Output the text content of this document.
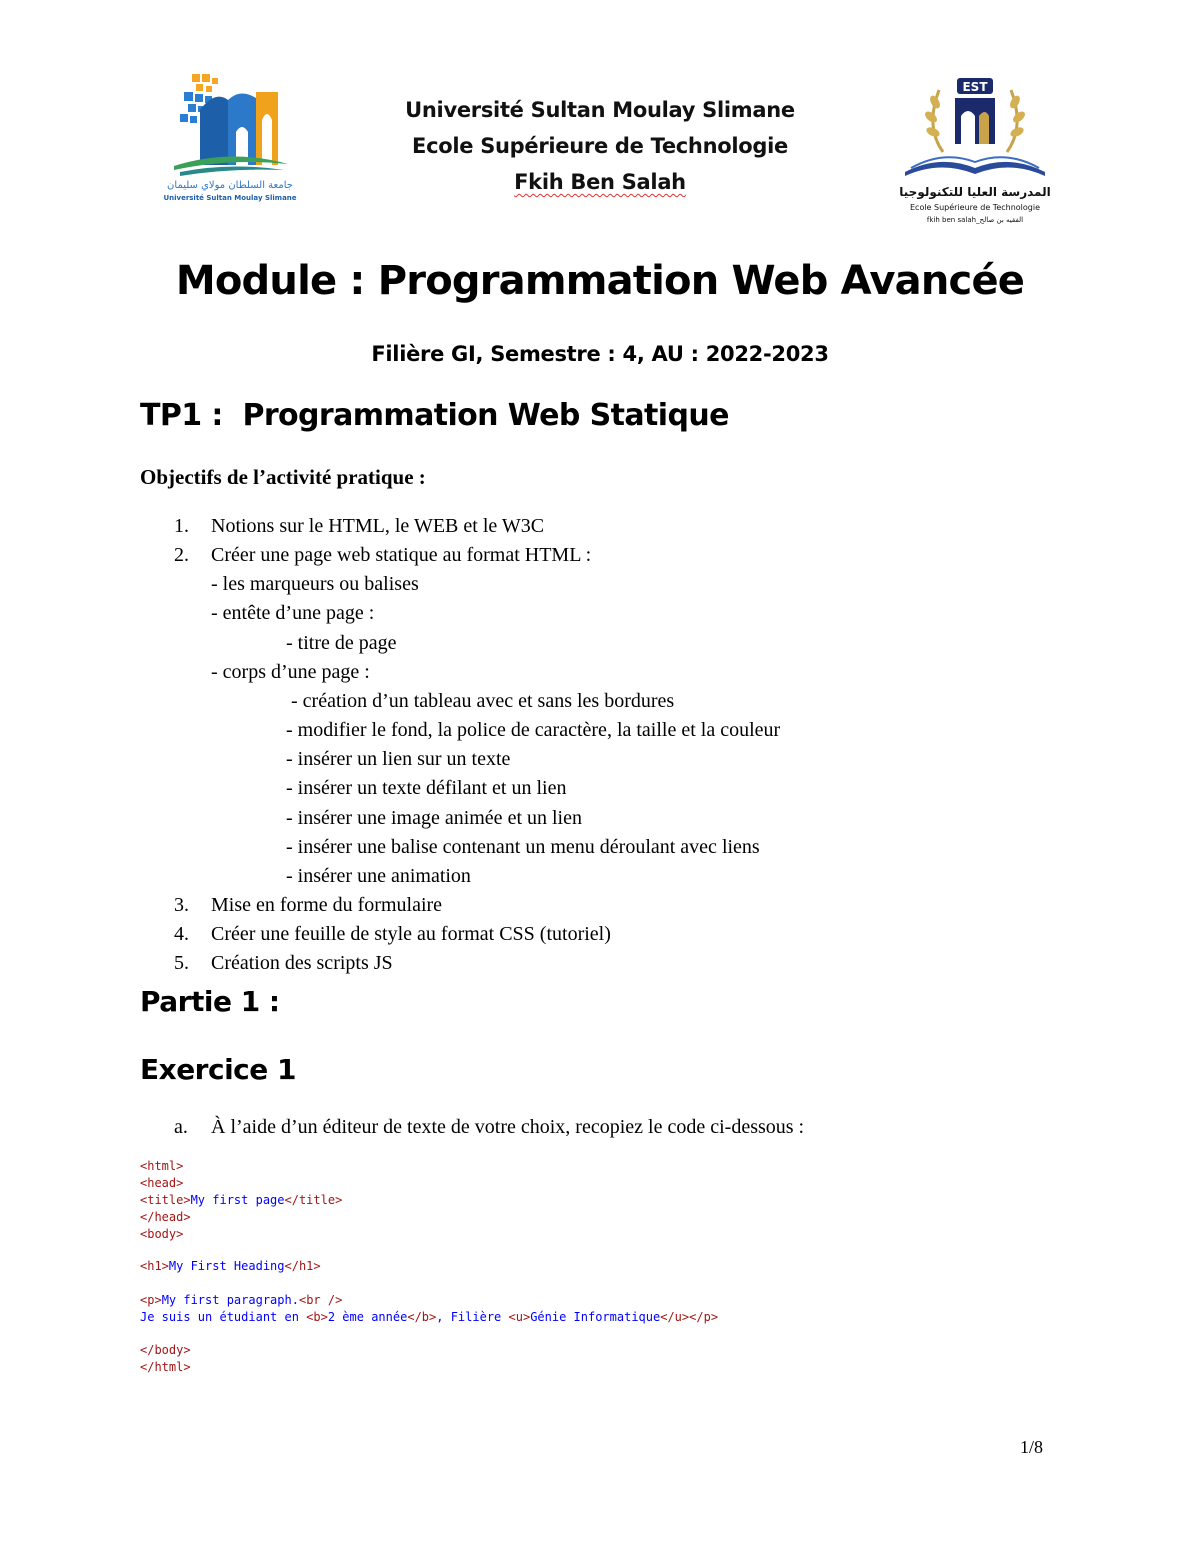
جامعة السلطان مولاي سليمان
Université Sultan Moulay Slimane
Université Sultan Moulay Slimane
Ecole Supérieure de Technologie
Fkih Ben Salah
EST
المدرسة العليا للتكنولوجيا
Ecole Supérieure de Technologie
fkih ben salah_الفقيه بن صالح
Module : Programmation Web Avancée
Filière GI, Semestre : 4, AU : 2022-2023
TP1 :  Programmation Web Statique
Objectifs de l’activité pratique :
1. Notions sur le HTML, le WEB et le W3C
2. Créer une page web statique au format HTML :
- les marqueurs ou balises
- entête d’une page :
- titre de page
- corps d’une page :
- création d’un tableau avec et sans les bordures
- modifier le fond, la police de caractère, la taille et la couleur
- insérer un lien sur un texte
- insérer un texte défilant et un lien
- insérer une image animée et un lien
- insérer une balise contenant un menu déroulant avec liens
- insérer une animation
3. Mise en forme du formulaire
4. Créer une feuille de style au format CSS (tutoriel)
5. Création des scripts JS
Partie 1 :
Exercice 1
a. À l’aide d’un éditeur de texte de votre choix, recopiez le code ci-dessous :
<html>
<head>
<title>My first page</title>
</head>
<body>
<h1>My First Heading</h1>
<p>My first paragraph.<br />
Je suis un étudiant en <b>2 ème année</b>, Filière <u>Génie Informatique</u></p>
</body>
</html>
1/8
